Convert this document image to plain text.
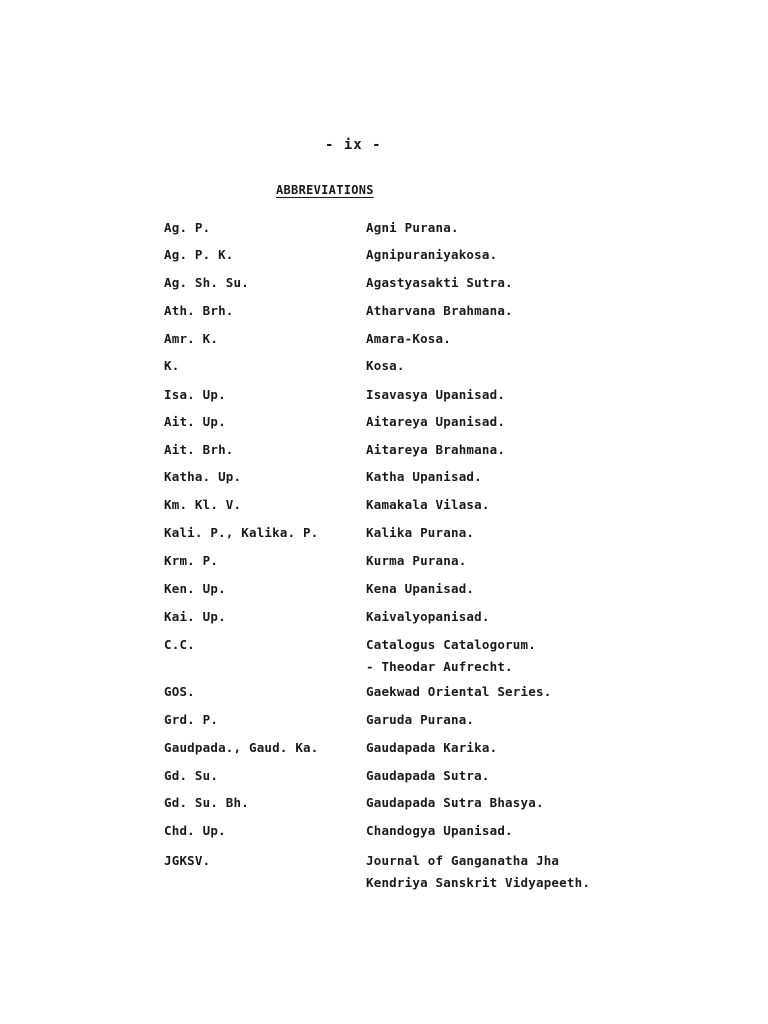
- ix -
ABBREVIATIONS
Ag. P.	Agni Purana.
Ag. P. K.	Agnipuraniyakosa.
Ag. Sh. Su.	Agastyasakti Sutra.
Ath. Brh.	Atharvana Brahmana.
Amr. K.	Amara-Kosa.
K.	Kosa.
Isa. Up.	Isavasya Upanisad.
Ait. Up.	Aitareya Upanisad.
Ait. Brh.	Aitareya Brahmana.
Katha. Up.	Katha Upanisad.
Km. Kl. V.	Kamakala Vilasa.
Kali. P., Kalika. P.	Kalika Purana.
Krm. P.	Kurma Purana.
Ken. Up.	Kena Upanisad.
Kai. Up.	Kaivalyopanisad.
C.C.	Catalogus Catalogorum.
- Theodar Aufrecht.
GOS.	Gaekwad Oriental Series.
Grd. P.	Garuda Purana.
Gaudpada., Gaud. Ka.	Gaudapada Karika.
Gd. Su.	Gaudapada Sutra.
Gd. Su. Bh.	Gaudapada Sutra Bhasya.
Chd. Up.	Chandogya Upanisad.
JGKSV.	Journal of Ganganatha Jha
Kendriya Sanskrit Vidyapeeth.
